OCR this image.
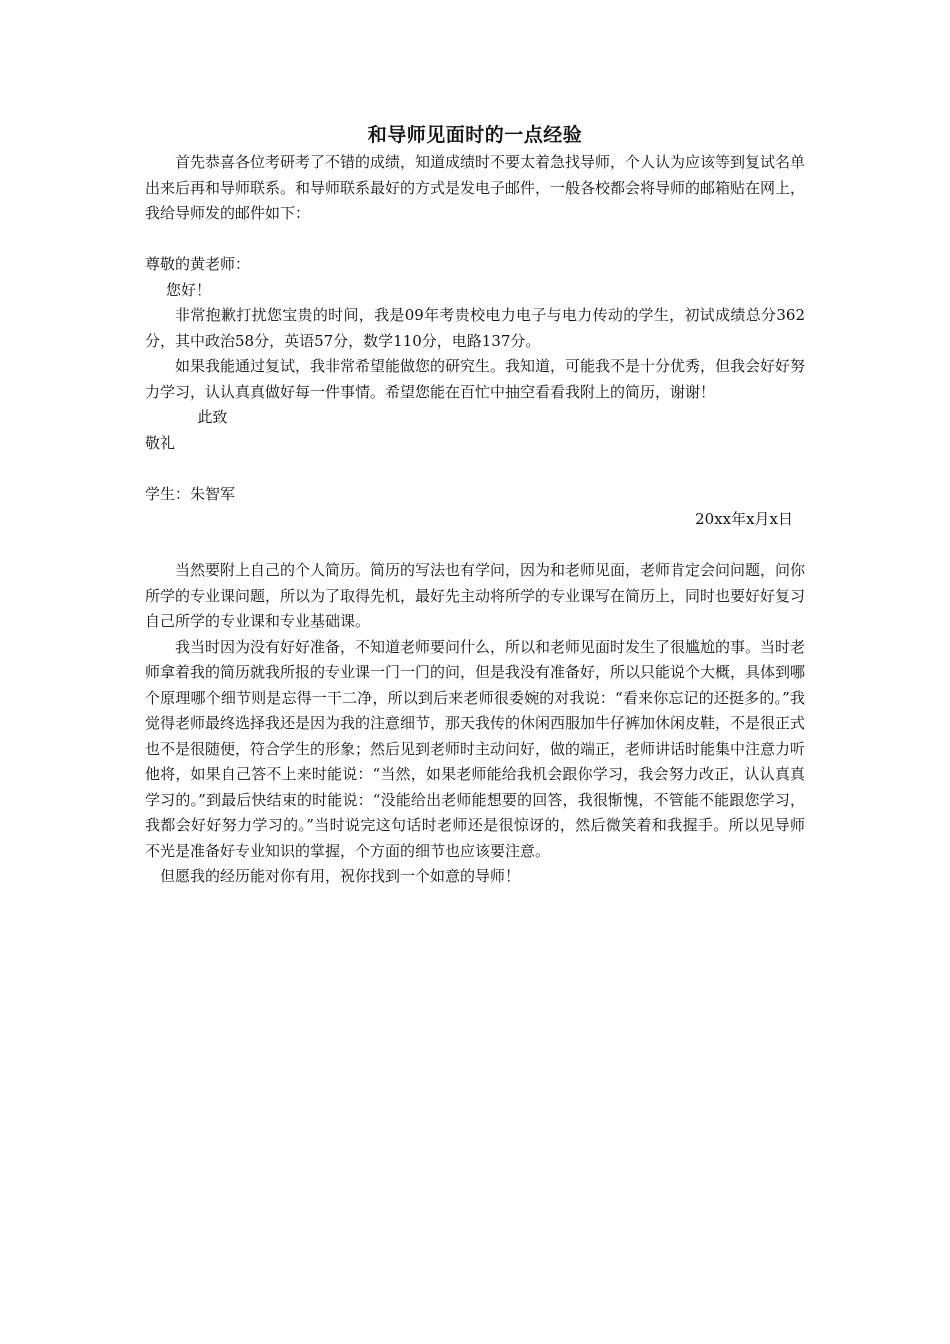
和导师见面时的一点经验

首先恭喜各位考研考了不错的成绩，知道成绩时不要太着急找导师，个人认为应该等到复试名单出来后再和导师联系。和导师联系最好的方式是发电子邮件，一般各校都会将导师的邮箱贴在网上，我给导师发的邮件如下：

尊敬的黄老师：

您好！

非常抱歉打扰您宝贵的时间，我是09年考贵校电力电子与电力传动的学生，初试成绩总分362分，其中政治58分，英语57分，数学110分，电路137分。

如果我能通过复试，我非常希望能做您的研究生。我知道，可能我不是十分优秀，但我会好好努力学习，认认真真做好每一件事情。希望您能在百忙中抽空看看我附上的简历，谢谢！

此致

敬礼

学生：朱智军

20xx年x月x日

当然要附上自己的个人简历。简历的写法也有学问，因为和老师见面，老师肯定会问问题，问你所学的专业课问题，所以为了取得先机，最好先主动将所学的专业课写在简历上，同时也要好好复习自己所学的专业课和专业基础课。

我当时因为没有好好准备，不知道老师要问什么，所以和老师见面时发生了很尴尬的事。当时老师拿着我的简历就我所报的专业课一门一门的问，但是我没有准备好，所以只能说个大概，具体到哪个原理哪个细节则是忘得一干二净，所以到后来老师很委婉的对我说：“看来你忘记的还挺多的。”我觉得老师最终选择我还是因为我的注意细节，那天我传的休闲西服加牛仔裤加休闲皮鞋，不是很正式也不是很随便，符合学生的形象；然后见到老师时主动问好，做的端正，老师讲话时能集中注意力听他将，如果自己答不上来时能说：“当然，如果老师能给我机会跟你学习，我会努力改正，认认真真学习的。”到最后快结束的时能说：“没能给出老师能想要的回答，我很惭愧，不管能不能跟您学习，我都会好好努力学习的。”当时说完这句话时老师还是很惊讶的，然后微笑着和我握手。所以见导师不光是准备好专业知识的掌握，个方面的细节也应该要注意。

但愿我的经历能对你有用，祝你找到一个如意的导师！
